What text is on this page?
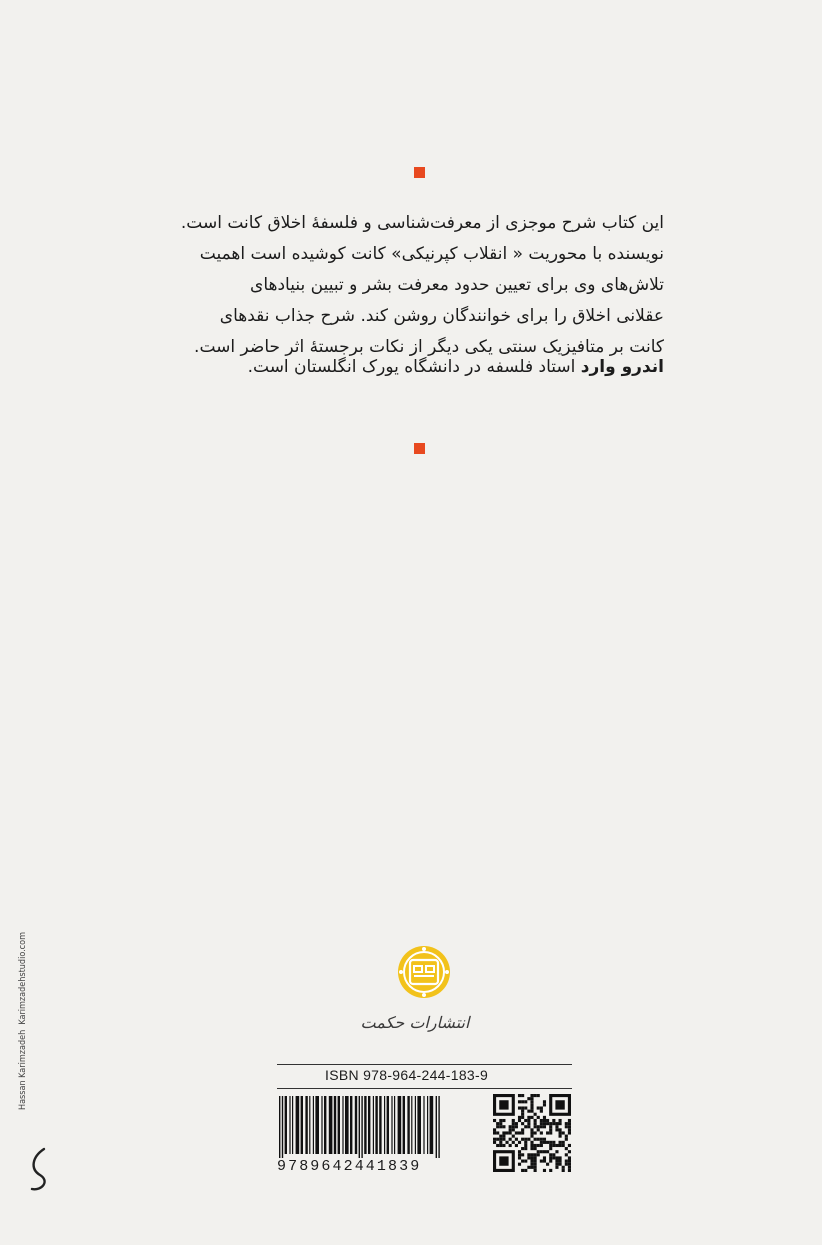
این کتاب شرح موجزی از معرفت‌شناسی و فلسفهٔ اخلاق کانت است.
نویسنده با محوریت « انقلاب کپرنیکی» کانت کوشیده است اهمیت
تلاش‌های وی برای تعیین حدود معرفت بشر و تبیین بنیادهای
عقلانی اخلاق را برای خوانندگان روشن کند. شرح جذاب نقدهای
کانت بر متافیزیک سنتی یکی دیگر از نکات برجستهٔ اثر حاضر است.

اندرو وارد استاد فلسفه در دانشگاه یورک انگلستان است.

انتشارات حکمت
ISBN 978-964-244-183-9
9789642441839
Hassan Karimzadeh  Karimzadehstudio.com
